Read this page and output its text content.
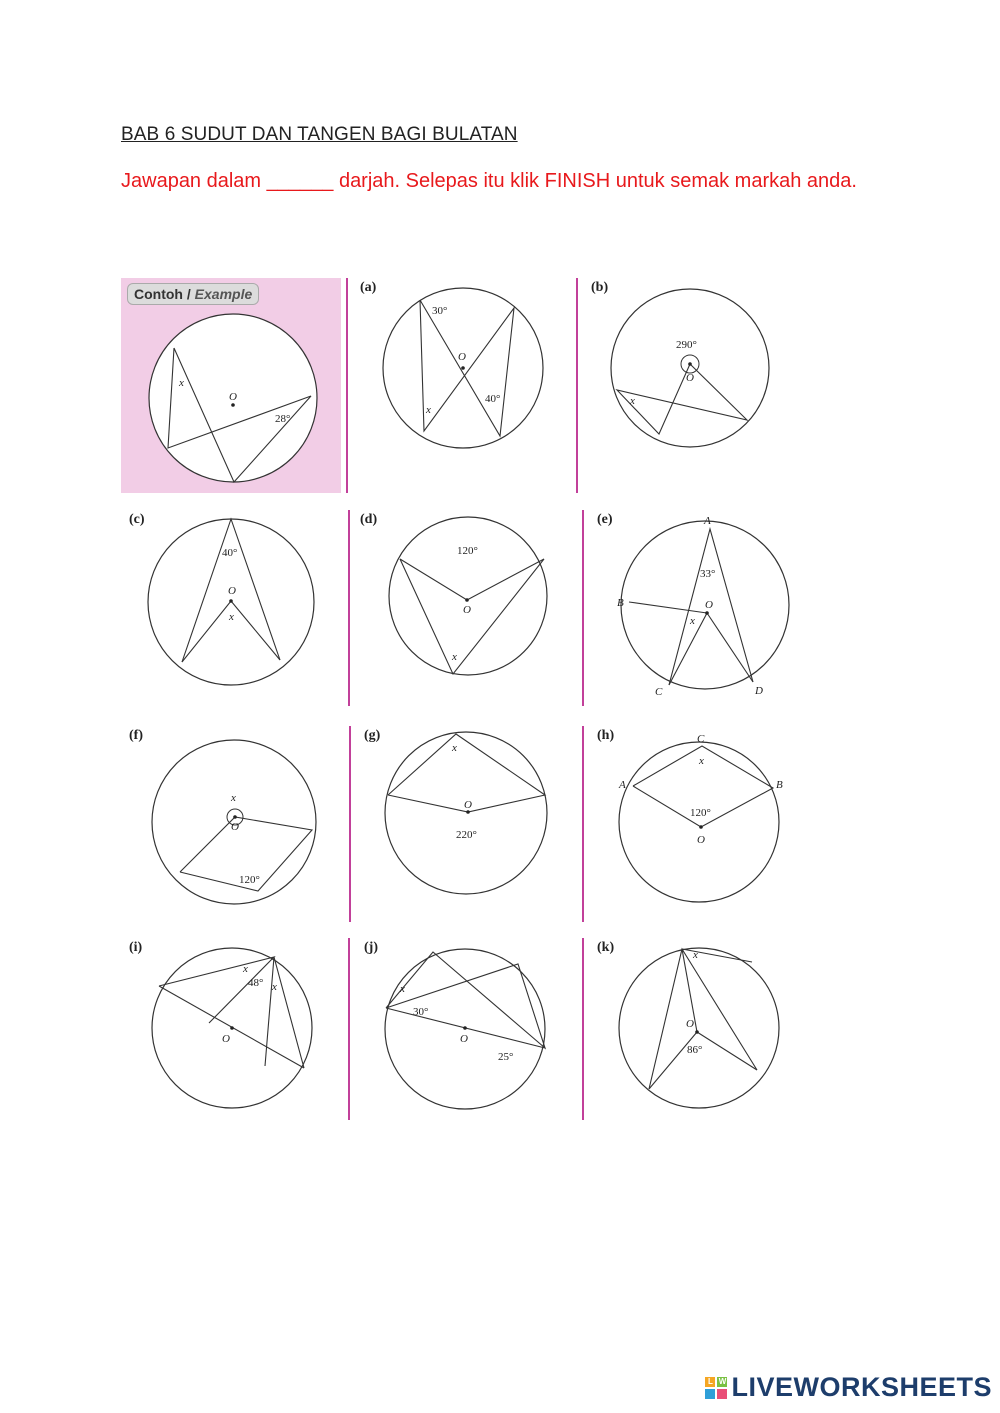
BAB 6 SUDUT DAN TANGEN BAGI BULATAN
Jawapan dalam ______ darjah. Selepas itu klik FINISH untuk semak markah anda.
Contoh / Example
O
x
28°
(a)
O
30°
x
40°
(b)
290°
O
x
(c)
40°
O
x
(d)
120°
O
x
(e)	A
B
C	D
O
33°
x
(f)
x
O
120°
(g)
x
O
220°
(h)	C
A	B
x
120°
O
(i)
x
48° x
O
(j)
x
30°
O
25°
(k)	x
O
86°
L W LIVEWORKSHEETS
